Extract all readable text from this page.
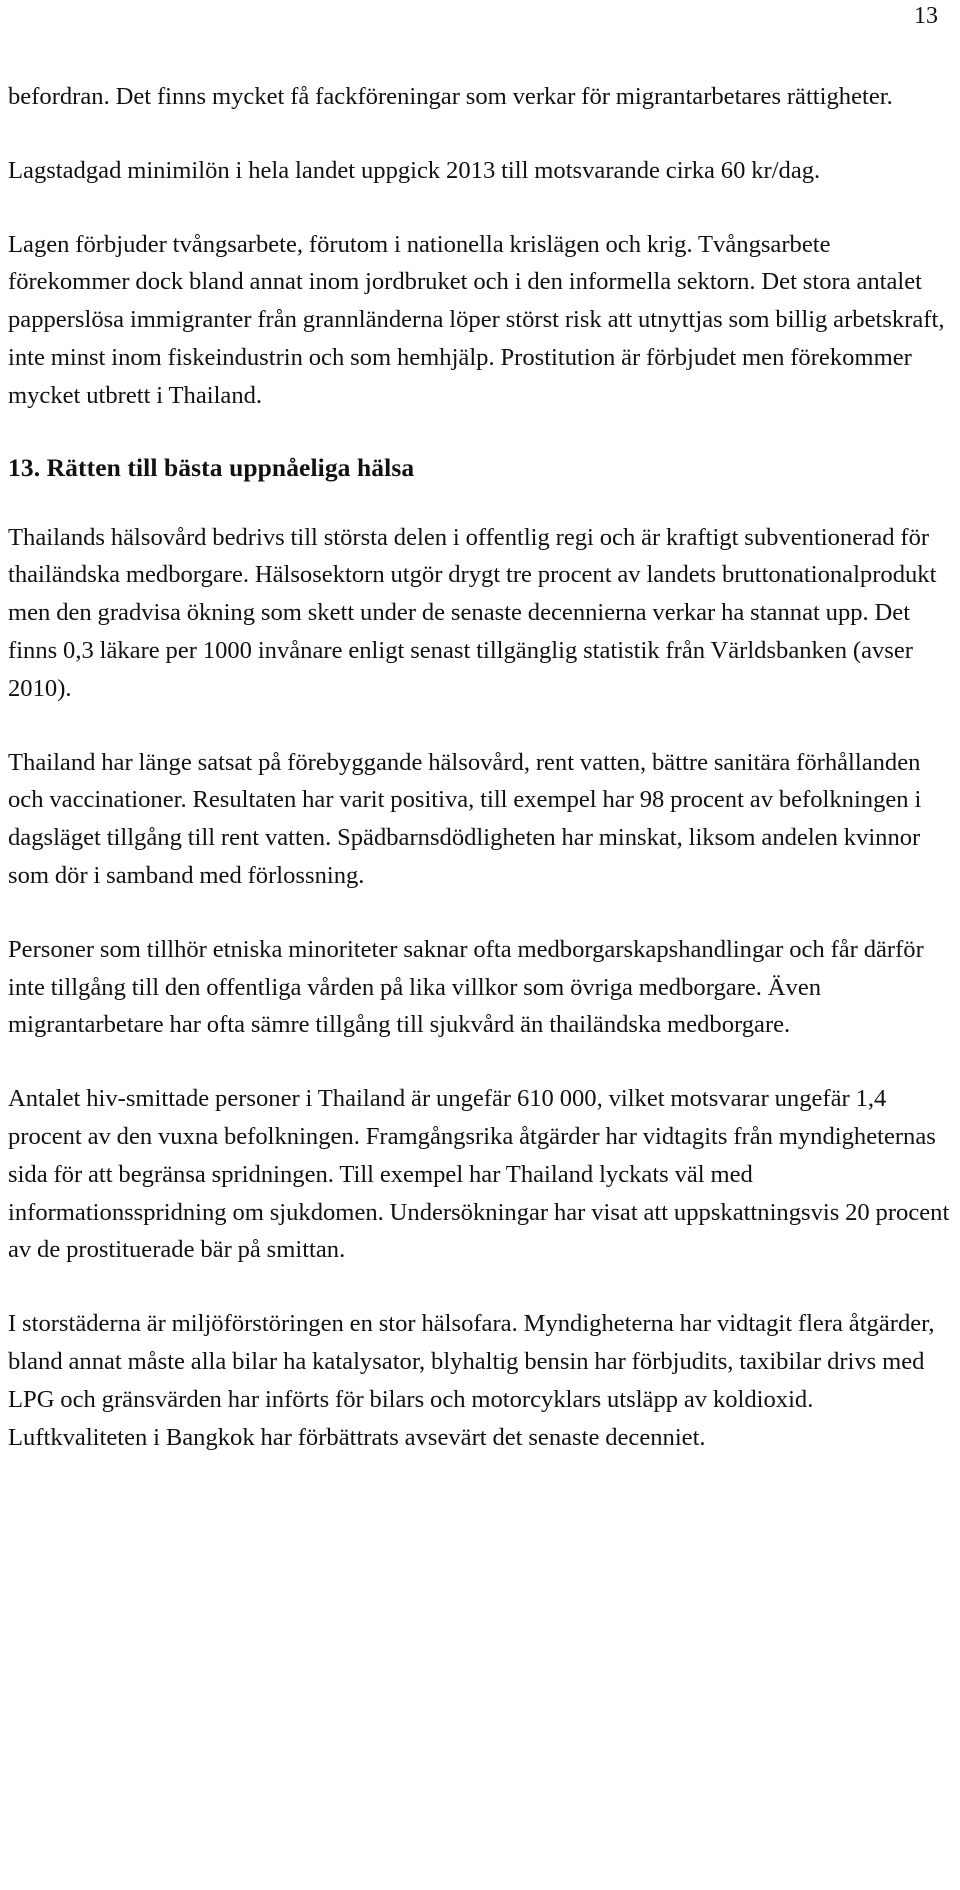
13

befordran. Det finns mycket få fackföreningar som verkar för migrantarbetares rättigheter.

Lagstadgad minimilön i hela landet uppgick 2013 till motsvarande cirka 60 kr/dag.

Lagen förbjuder tvångsarbete, förutom i nationella krislägen och krig. Tvångsarbete förekommer dock bland annat inom jordbruket och i den informella sektorn. Det stora antalet papperslösa immigranter från grannländerna löper störst risk att utnyttjas som billig arbetskraft, inte minst inom fiskeindustrin och som hemhjälp. Prostitution är förbjudet men förekommer mycket utbrett i Thailand.

13. Rätten till bästa uppnåeliga hälsa

Thailands hälsovård bedrivs till största delen i offentlig regi och är kraftigt subventionerad för thailändska medborgare. Hälsosektorn utgör drygt tre procent av landets bruttonationalprodukt men den gradvisa ökning som skett under de senaste decennierna verkar ha stannat upp. Det finns 0,3 läkare per 1000 invånare enligt senast tillgänglig statistik från Världsbanken (avser 2010).

Thailand har länge satsat på förebyggande hälsovård, rent vatten, bättre sanitära förhållanden och vaccinationer. Resultaten har varit positiva, till exempel har 98 procent av befolkningen i dagsläget tillgång till rent vatten. Spädbarnsdödligheten har minskat, liksom andelen kvinnor som dör i samband med förlossning.

Personer som tillhör etniska minoriteter saknar ofta medborgarskapshandlingar och får därför inte tillgång till den offentliga vården på lika villkor som övriga medborgare. Även migrantarbetare har ofta sämre tillgång till sjukvård än thailändska medborgare.

Antalet hiv-smittade personer i Thailand är ungefär 610 000, vilket motsvarar ungefär 1,4 procent av den vuxna befolkningen. Framgångsrika åtgärder har vidtagits från myndigheternas sida för att begränsa spridningen. Till exempel har Thailand lyckats väl med informationsspridning om sjukdomen. Undersökningar har visat att uppskattningsvis 20 procent av de prostituerade bär på smittan.

I storstäderna är miljöförstöringen en stor hälsofara. Myndigheterna har vidtagit flera åtgärder, bland annat måste alla bilar ha katalysator, blyhaltig bensin har förbjudits, taxibilar drivs med LPG och gränsvärden har införts för bilars och motorcyklars utsläpp av koldioxid. Luftkvaliteten i Bangkok har förbättrats avsevärt det senaste decenniet.
